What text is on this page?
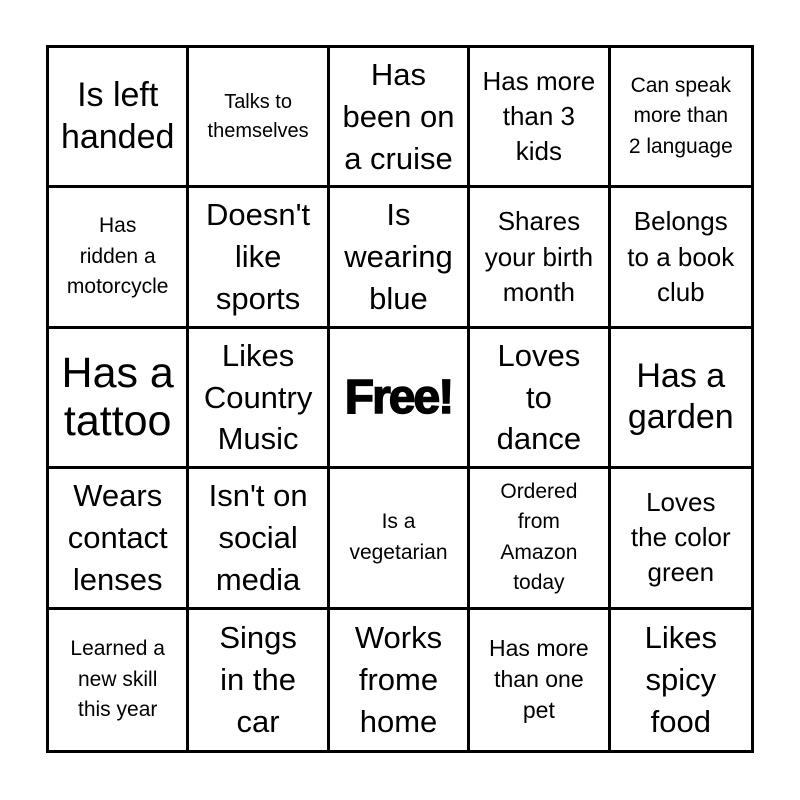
Is left
handed
Talks to
themselves
Has
been on
a cruise
Has more
than 3
kids
Can speak
more than
2 language
Has
ridden a
motorcycle
Doesn't
like
sports
Is
wearing
blue
Shares
your birth
month
Belongs
to a book
club
Has a
tattoo
Likes
Country
Music
Free!
Loves
to
dance
Has a
garden
Wears
contact
lenses
Isn't on
social
media
Is a
vegetarian
Ordered
from
Amazon
today
Loves
the color
green
Learned a
new skill
this year
Sings
in the
car
Works
frome
home
Has more
than one
pet
Likes
spicy
food
